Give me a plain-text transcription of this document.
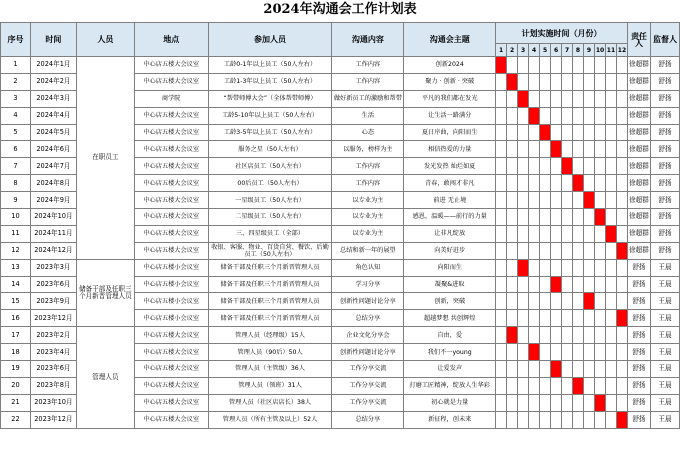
2024年沟通会工作计划表
序号	时间	人员	地点	参加人员	沟通内容	沟通会主题	计划实施时间（月份）												责任人	监督人
							1	2	3	4	5	6	7	8	9	10	11	12		
1	2024年1月	在职员工	中心店五楼大会议室	工龄0-1年以上员工（50人左右）	工作内容	创新2024													徐超群	舒扬
2	2024年2月		中心店五楼大会议室	工龄1-3年以上员工（50人左右）	工作内容	聚力 · 创新 · 突破													徐超群	舒扬
3	2024年3月		商学院	“帮带师傅大会”（全体帮带师傅）	做好新员工的激励和帮带	平凡的我们都在发光													徐超群	舒扬
4	2024年4月		中心店五楼大会议室	工龄5-10年以上员工（50人左右）	生活	让生活一路满分													徐超群	舒扬
5	2024年5月		中心店五楼大会议室	工龄3-5年以上员工（50人左右）	心态	夏日序曲，向阳而生													徐超群	舒扬
6	2024年6月		中心店五楼大会议室	服务之星（50人左右）	以服务，榜样为主	相信热爱的力量													徐超群	舒扬
7	2024年7月		中心店五楼大会议室	社区店员工（50人左右）	工作内容	发光发热 灿烂如夏													徐超群	舒扬
8	2024年8月		中心店五楼大会议室	00后员工（50人左右）	工作内容	青春，敢闯才非凡													徐超群	舒扬
9	2024年9月		中心店五楼大会议室	一星级员工（50人左右）	以专业为主	前进 无止境													徐超群	舒扬
10	2024年10月		中心店五楼大会议室	二星级员工（50人左右）	以专业为主	感恩，温暖——前行的力量													徐超群	舒扬
11	2024年11月		中心店五楼大会议室	三、四星级员工（全部）	以专业为主	让非凡绽放													徐超群	舒扬
12	2024年12月		中心店五楼大会议室	收银、客服、物业、百货自营、餐饮、后勤员工（50人左右）	总结和新一年的展望	向美好迸步													徐超群	舒扬
13	2023年3月	储备干部及任职三个月新晋管理人员	中心店五楼小会议室	储备干部及任职三个月新晋管理人员	角色认知	向阳而生													舒扬	王晨
14	2023年6月		中心店五楼小会议室	储备干部及任职三个月新晋管理人员	学习分享	凝聚&进取													舒扬	王晨
15	2023年9月		中心店五楼小会议室	储备干部及任职三个月新晋管理人员	创新性问题讨论分享	创新，突破													舒扬	王晨
16	2023年12月		中心店五楼小会议室	储备干部及任职三个月新晋管理人员	总结分享	超越梦想 共创辉煌													舒扬	王晨
17	2023年2月	管理人员	中心店五楼大会议室	管理人员（经理级）15人	企业文化分享会	自由，爱													舒扬	王晨
18	2023年4月		中心店五楼大会议室	管理人员（90后）50人	创新性问题讨论分享	我们不一young													舒扬	王晨
19	2023年6月		中心店五楼大会议室	管理人员（主管级）36人	工作分享交流	让爱发声													舒扬	王晨
20	2023年8月		中心店五楼大会议室	管理人员（领班）31人	工作分享交流	打磨工匠精神，绽放人生华彩													舒扬	王晨
21	2023年10月		中心店五楼大会议室	管理人员（社区店店长）38人	工作分享交流	初心就是力量													舒扬	王晨
22	2023年12月		中心店五楼大会议室	管理人员（所有主管及以上）52人	总结分享	新征程，创未来													舒扬	王晨
